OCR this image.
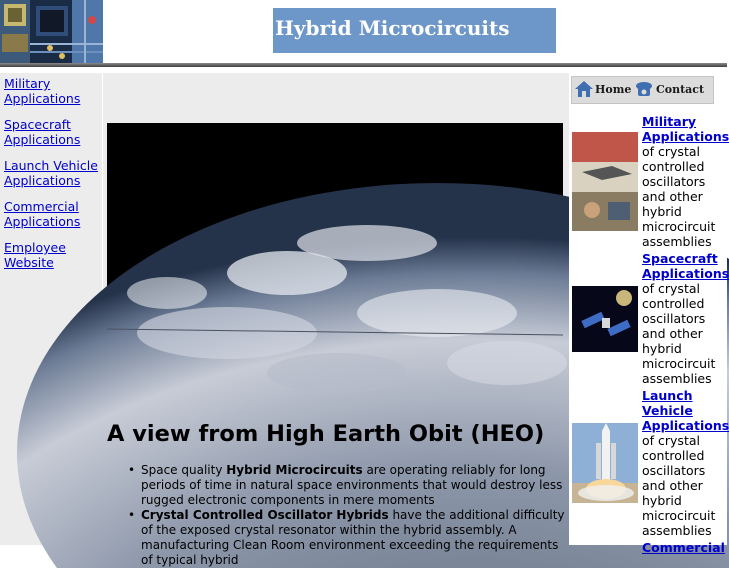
Hybrid Microcircuits
Military Applications
Spacecraft Applications
Launch Vehicle Applications
Commercial Applications
Employee Website
A view from High Earth Obit (HEO)
• Space quality Hybrid Microcircuits are operating reliably for long periods of time in natural space environments that would destroy less rugged electronic components in mere moments
• Crystal Controlled Oscillator Hybrids have the additional difficulty of the exposed crystal resonator within the hybrid assembly. A manufacturing Clean Room environment exceeding the requirements of typical hybrid
Home Contact
Military Applications
of crystal controlled oscillators and other hybrid microcircuit assemblies
Spacecraft Applications
of crystal controlled oscillators and other hybrid microcircuit assemblies
Launch Vehicle Applications
of crystal controlled oscillators and other hybrid microcircuit assemblies
Commercial
